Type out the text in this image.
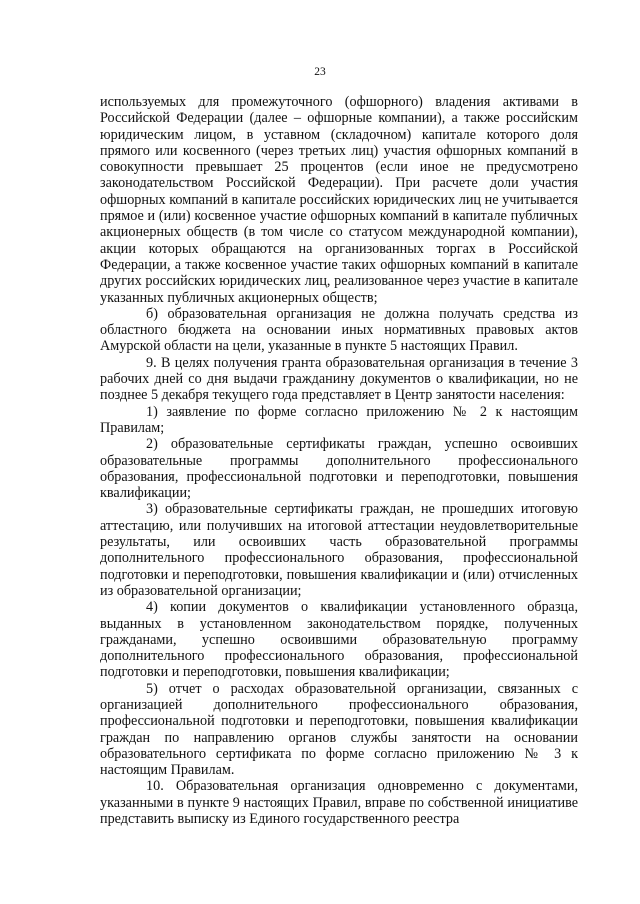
23

используемых для промежуточного (офшорного) владения активами в Российской Федерации (далее – офшорные компании), а также российским юридическим лицом, в уставном (складочном) капитале которого доля прямого или косвенного (через третьих лиц) участия офшорных компаний в совокупности превышает 25 процентов (если иное не предусмотрено законодательством Российской Федерации). При расчете доли участия офшорных компаний в капитале российских юридических лиц не учитывается прямое и (или) косвенное участие офшорных компаний в капитале публичных акционерных обществ (в том числе со статусом международной компании), акции которых обращаются на организованных торгах в Российской Федерации, а также косвенное участие таких офшорных компаний в капитале других российских юридических лиц, реализованное через участие в капитале указанных публичных акционерных обществ;

б) образовательная организация не должна получать средства из областного бюджета на основании иных нормативных правовых актов Амурской области на цели, указанные в пункте 5 настоящих Правил.

9. В целях получения гранта образовательная организация в течение 3 рабочих дней со дня выдачи гражданину документов о квалификации, но не позднее 5 декабря текущего года представляет в Центр занятости населения:

1) заявление по форме согласно приложению № 2 к настоящим Правилам;

2) образовательные сертификаты граждан, успешно освоивших образовательные программы дополнительного профессионального образования, профессиональной подготовки и переподготовки, повышения квалификации;

3) образовательные сертификаты граждан, не прошедших итоговую аттестацию, или получивших на итоговой аттестации неудовлетворительные результаты, или освоивших часть образовательной программы дополнительного профессионального образования, профессиональной подготовки и переподготовки, повышения квалификации и (или) отчисленных из образовательной организации;

4) копии документов о квалификации установленного образца, выданных в установленном законодательством порядке, полученных гражданами, успешно освоившими образовательную программу дополнительного профессионального образования, профессиональной подготовки и переподготовки, повышения квалификации;

5) отчет о расходах образовательной организации, связанных с организацией дополнительного профессионального образования, профессиональной подготовки и переподготовки, повышения квалификации граждан по направлению органов службы занятости на основании образовательного сертификата по форме согласно приложению № 3 к настоящим Правилам.

10. Образовательная организация одновременно с документами, указанными в пункте 9 настоящих Правил, вправе по собственной инициативе представить выписку из Единого государственного реестра
